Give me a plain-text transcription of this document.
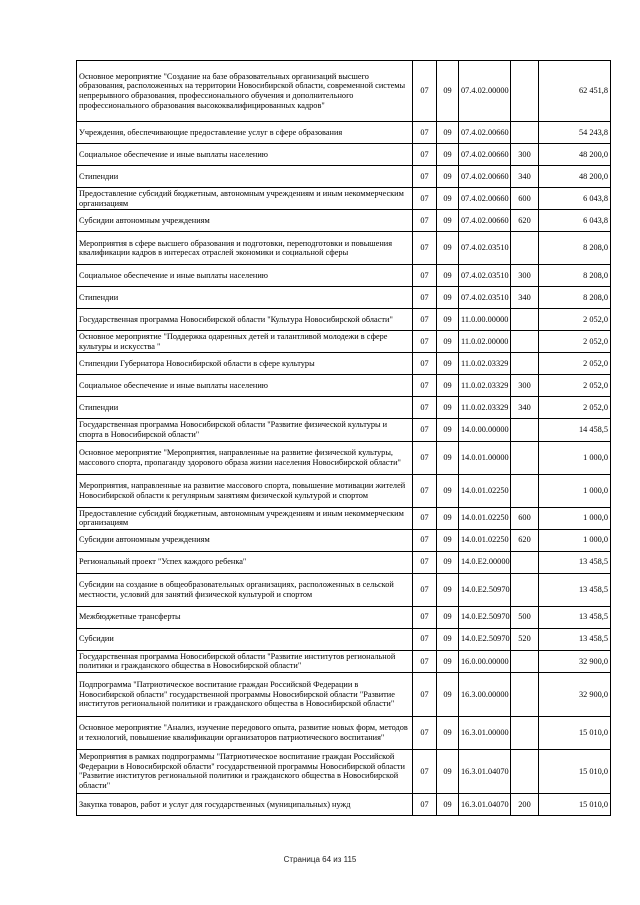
Основное мероприятие "Создание на базе образовательных организаций высшего образования, расположенных на территории Новосибирской области, современной системы непрерывного образования, профессионального обучения и дополнительного профессионального образования высококвалифицированных кадров"	07	09	07.4.02.00000		62 451,8
Учреждения, обеспечивающие предоставление услуг в сфере образования	07	09	07.4.02.00660		54 243,8
Социальное обеспечение и иные выплаты населению	07	09	07.4.02.00660	300	48 200,0
Стипендии	07	09	07.4.02.00660	340	48 200,0
Предоставление субсидий бюджетным, автономным учреждениям и иным некоммерческим организациям	07	09	07.4.02.00660	600	6 043,8
Субсидии автономным учреждениям	07	09	07.4.02.00660	620	6 043,8
Мероприятия в сфере высшего образования и подготовки, переподготовки и повышения квалификации кадров в интересах отраслей экономики и социальной сферы	07	09	07.4.02.03510		8 208,0
Социальное обеспечение и иные выплаты населению	07	09	07.4.02.03510	300	8 208,0
Стипендии	07	09	07.4.02.03510	340	8 208,0
Государственная программа Новосибирской области "Культура Новосибирской области"	07	09	11.0.00.00000		2 052,0
Основное мероприятие "Поддержка одаренных детей и талантливой молодежи в сфере культуры и искусства "	07	09	11.0.02.00000		2 052,0
Стипендии Губернатора Новосибирской области в сфере культуры	07	09	11.0.02.03329		2 052,0
Социальное обеспечение и иные выплаты населению	07	09	11.0.02.03329	300	2 052,0
Стипендии	07	09	11.0.02.03329	340	2 052,0
Государственная программа Новосибирской области "Развитие физической культуры и спорта в Новосибирской области"	07	09	14.0.00.00000		14 458,5
Основное мероприятие "Мероприятия, направленные на развитие физической культуры, массового спорта, пропаганду здорового образа жизни населения Новосибирской области"	07	09	14.0.01.00000		1 000,0
Мероприятия, направленные на развитие массового спорта, повышение мотивации жителей Новосибирской области к регулярным занятиям физической культурой и спортом	07	09	14.0.01.02250		1 000,0
Предоставление субсидий бюджетным, автономным учреждениям и иным некоммерческим организациям	07	09	14.0.01.02250	600	1 000,0
Субсидии автономным учреждениям	07	09	14.0.01.02250	620	1 000,0
Региональный проект "Успех каждого ребенка"	07	09	14.0.E2.00000		13 458,5
Субсидии на создание в общеобразовательных организациях, расположенных в сельской местности, условий для занятий физической культурой и спортом	07	09	14.0.E2.50970		13 458,5
Межбюджетные трансферты	07	09	14.0.E2.50970	500	13 458,5
Субсидии	07	09	14.0.E2.50970	520	13 458,5
Государственная программа Новосибирской области "Развитие институтов региональной политики и гражданского общества в Новосибирской области"	07	09	16.0.00.00000		32 900,0
Подпрограмма "Патриотическое воспитание граждан Российской Федерации в Новосибирской области" государственной программы Новосибирской области "Развитие институтов региональной политики и гражданского общества в Новосибирской области"	07	09	16.3.00.00000		32 900,0
Основное мероприятие "Анализ, изучение передового опыта, развитие новых форм, методов и технологий, повышение квалификации организаторов патриотического воспитания"	07	09	16.3.01.00000		15 010,0
Мероприятия в рамках подпрограммы "Патриотическое воспитание граждан Российской Федерации в Новосибирской области" государственной программы Новосибирской области "Развитие институтов региональной политики и гражданского общества в Новосибирской области"	07	09	16.3.01.04070		15 010,0
Закупка товаров, работ и услуг для государственных (муниципальных) нужд	07	09	16.3.01.04070	200	15 010,0
Страница 64 из 115
